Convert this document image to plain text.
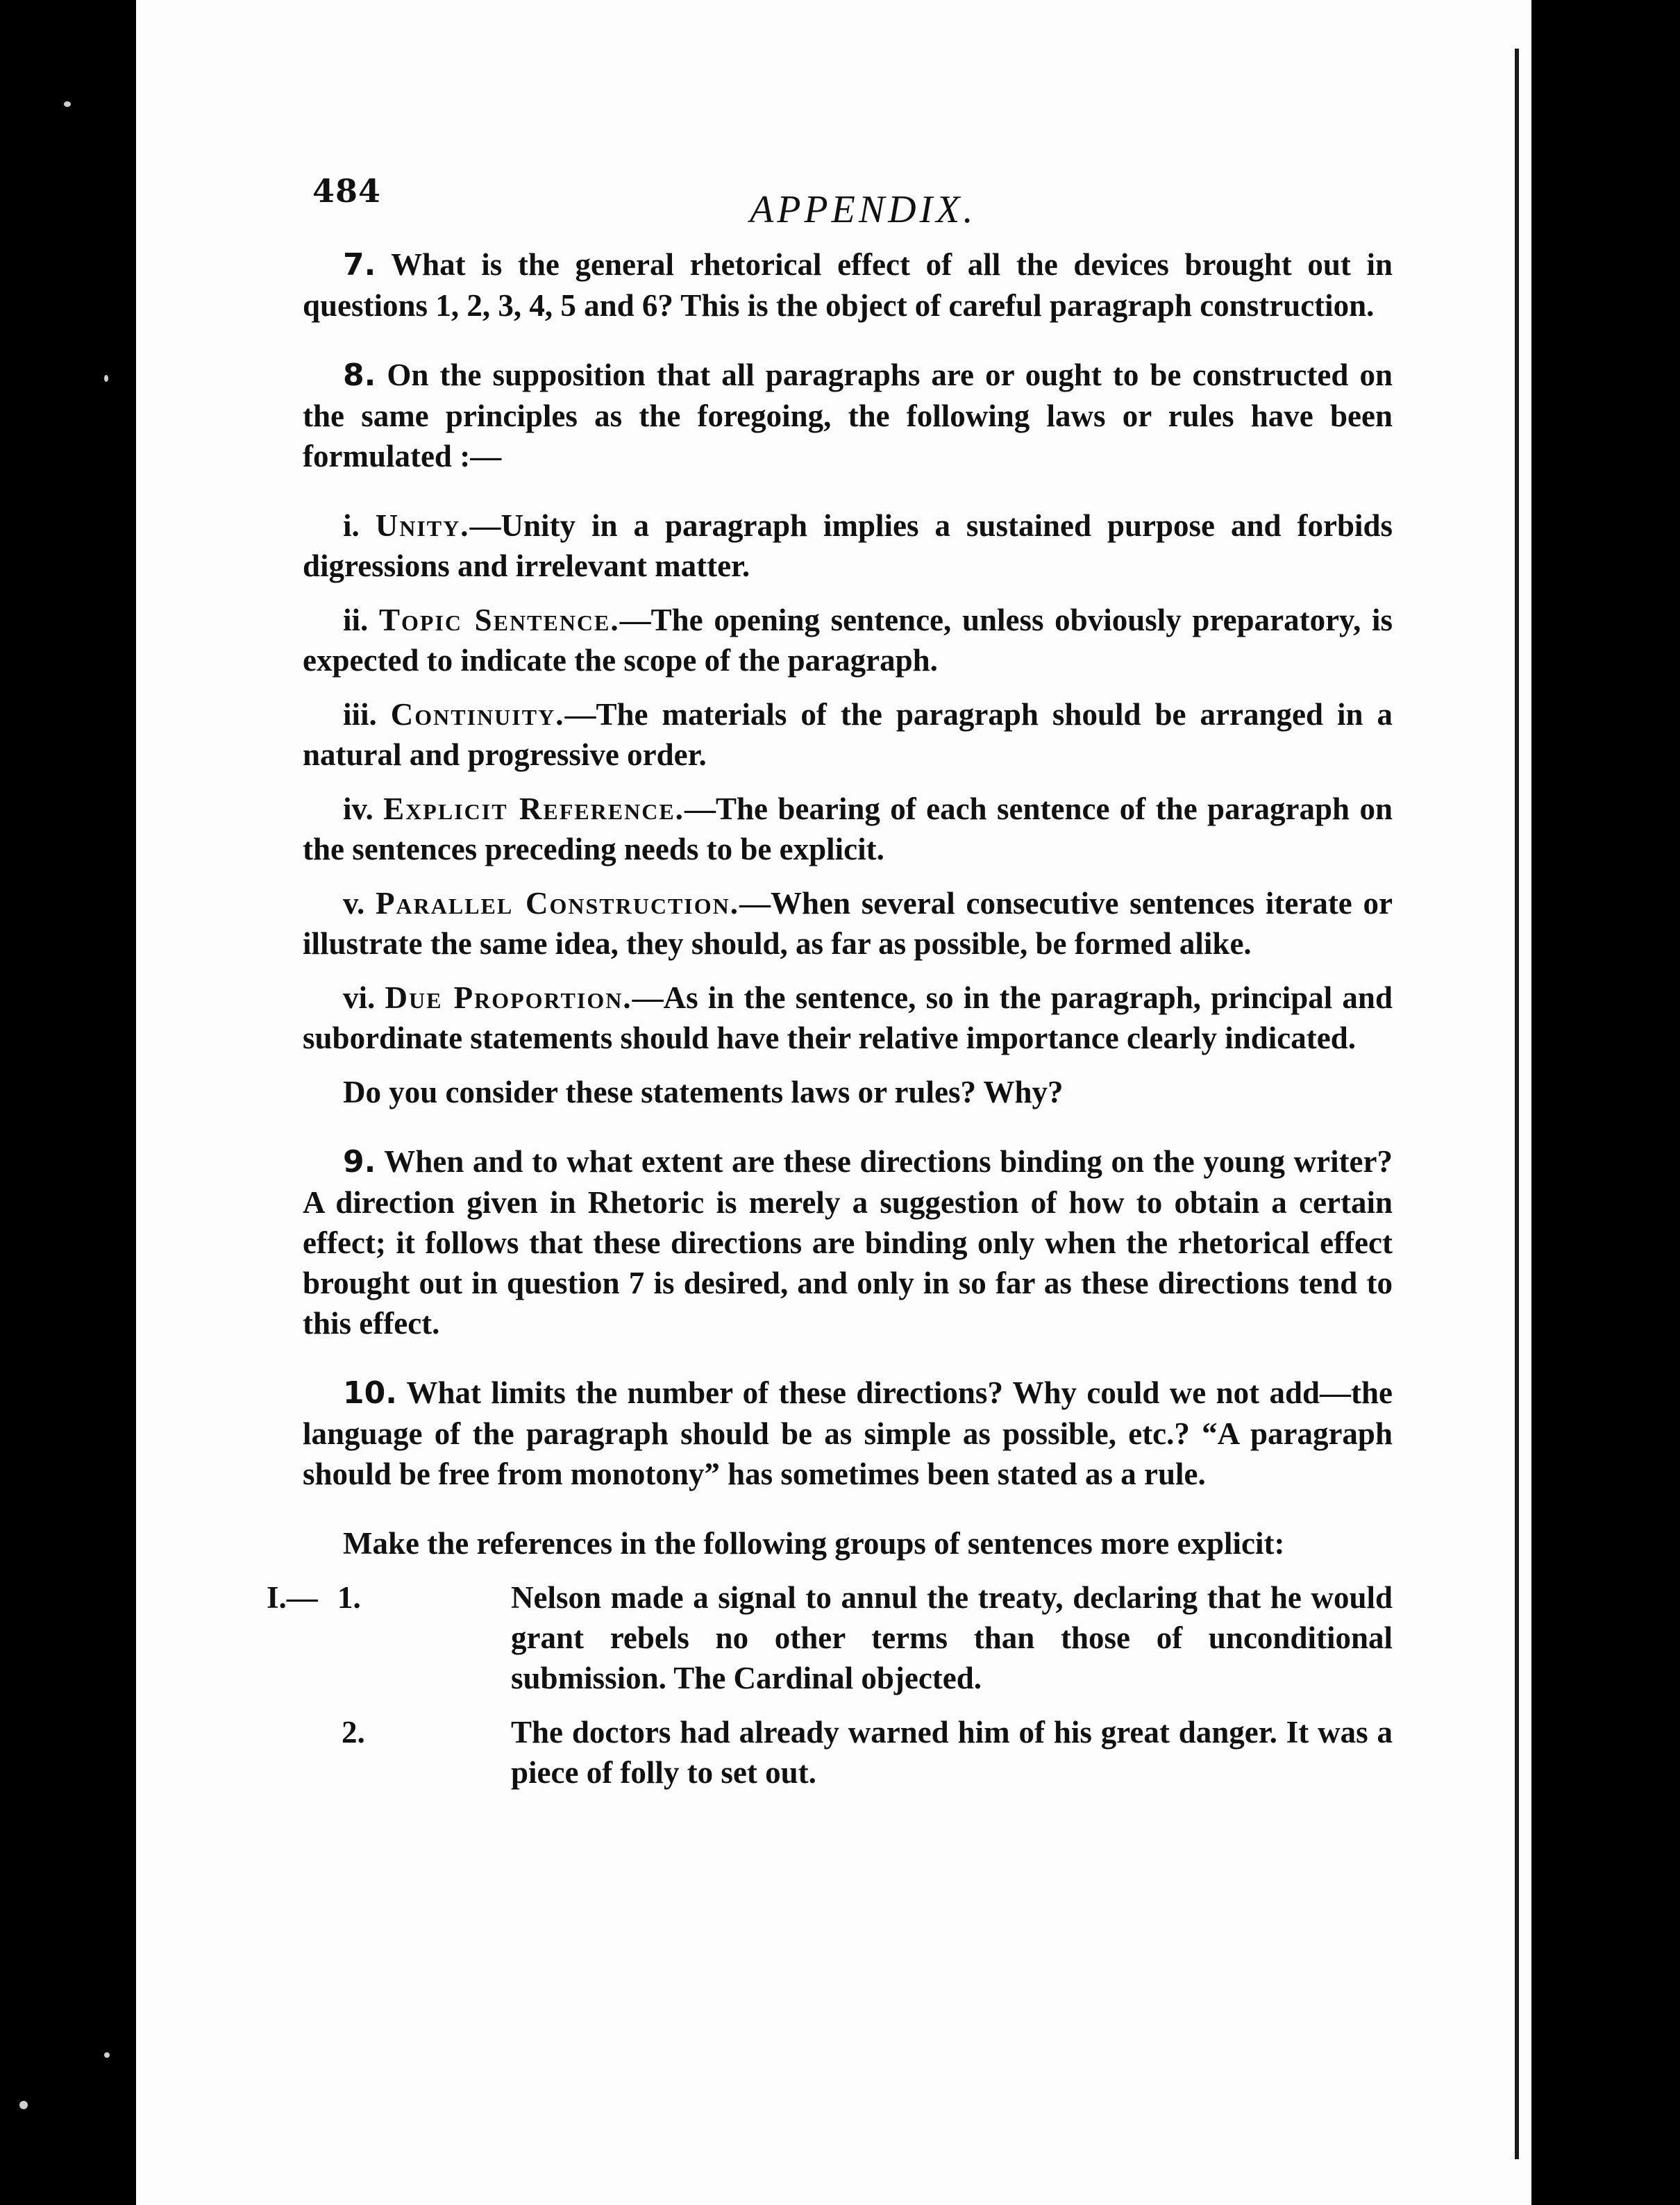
484	APPENDIX.

7. What is the general rhetorical effect of all the devices brought out in questions 1, 2, 3, 4, 5 and 6? This is the object of careful paragraph construction.

8. On the supposition that all paragraphs are or ought to be constructed on the same principles as the foregoing, the following laws or rules have been formulated :—

i. Unity.—Unity in a paragraph implies a sustained purpose and forbids digressions and irrelevant matter.

ii. Topic Sentence.—The opening sentence, unless obviously preparatory, is expected to indicate the scope of the paragraph.

iii. Continuity.—The materials of the paragraph should be arranged in a natural and progressive order.

iv. Explicit Reference.—The bearing of each sentence of the paragraph on the sentences preceding needs to be explicit.

v. Parallel Construction.—When several consecutive sentences iterate or illustrate the same idea, they should, as far as possible, be formed alike.

vi. Due Proportion.—As in the sentence, so in the paragraph, principal and subordinate statements should have their relative importance clearly indicated.

Do you consider these statements laws or rules? Why?

9. When and to what extent are these directions binding on the young writer? A direction given in Rhetoric is merely a suggestion of how to obtain a certain effect; it follows that these directions are binding only when the rhetorical effect brought out in question 7 is desired, and only in so far as these directions tend to this effect.

10. What limits the number of these directions? Why could we not add—the language of the paragraph should be as simple as possible, etc.? “A paragraph should be free from monotony” has sometimes been stated as a rule.

Make the references in the following groups of sentences more explicit:

I.— 1.	Nelson made a signal to annul the treaty, declaring that he would grant rebels no other terms than those of unconditional submission. The Cardinal objected.

2.	The doctors had already warned him of his great danger. It was a piece of folly to set out.
